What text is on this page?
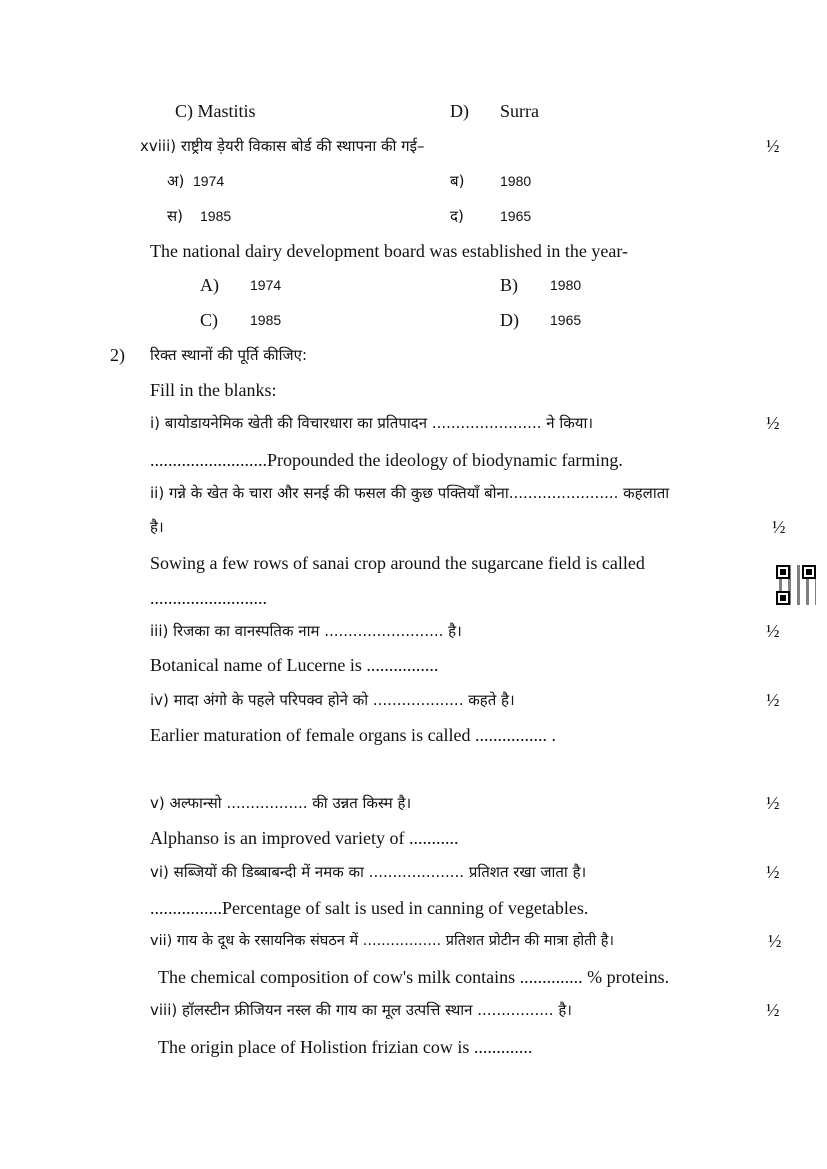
C) Mastitis	D) Surra
xviii) राष्ट्रीय ड़ेयरी विकास बोर्ड की स्थापना की गई–	½
अ) 1974	ब)	1980
स) 1985	द)	1965
The national dairy development board was established in the year-
A) 1974	B) 1980
C) 1985	D) 1965
2) रिक्त स्थानों की पूर्ति कीजिए:
Fill in the blanks:
i) बायोडायनेमिक खेती की विचारधारा का प्रतिपादन ....................... ने किया।	½
..........................Propounded the ideology of biodynamic farming.
ii) गन्ने के खेत के चारा और सनई की फसल की कुछ पक्तियाँ बोना....................... कहलाता
है।	½
Sowing a few rows of sanai crop around the sugarcane field is called
..........................
iii) रिजका का वानस्पतिक नाम ......................... है।	½
Botanical name of Lucerne is ................
iv) मादा अंगो के पहले परिपक्व होने को ................... कहते है।	½
Earlier maturation of female organs is called ................ .
v) अल्फान्सो ................. की उन्नत किस्म है।	½
Alphanso is an improved variety of ...........
vi) सब्जियों की डिब्बाबन्दी में नमक का .................... प्रतिशत रखा जाता है।	½
................Percentage of salt is used in canning of vegetables.
vii) गाय के दूध के रसायनिक संघठन में ................. प्रतिशत प्रोटीन की मात्रा होती है।	½
The chemical composition of cow's milk contains .............. % proteins.
viii) हॉलस्टीन फ्रीजियन नस्ल की गाय का मूल उत्पत्ति स्थान ................ है।	½
The origin place of Holistion frizian cow is .............
